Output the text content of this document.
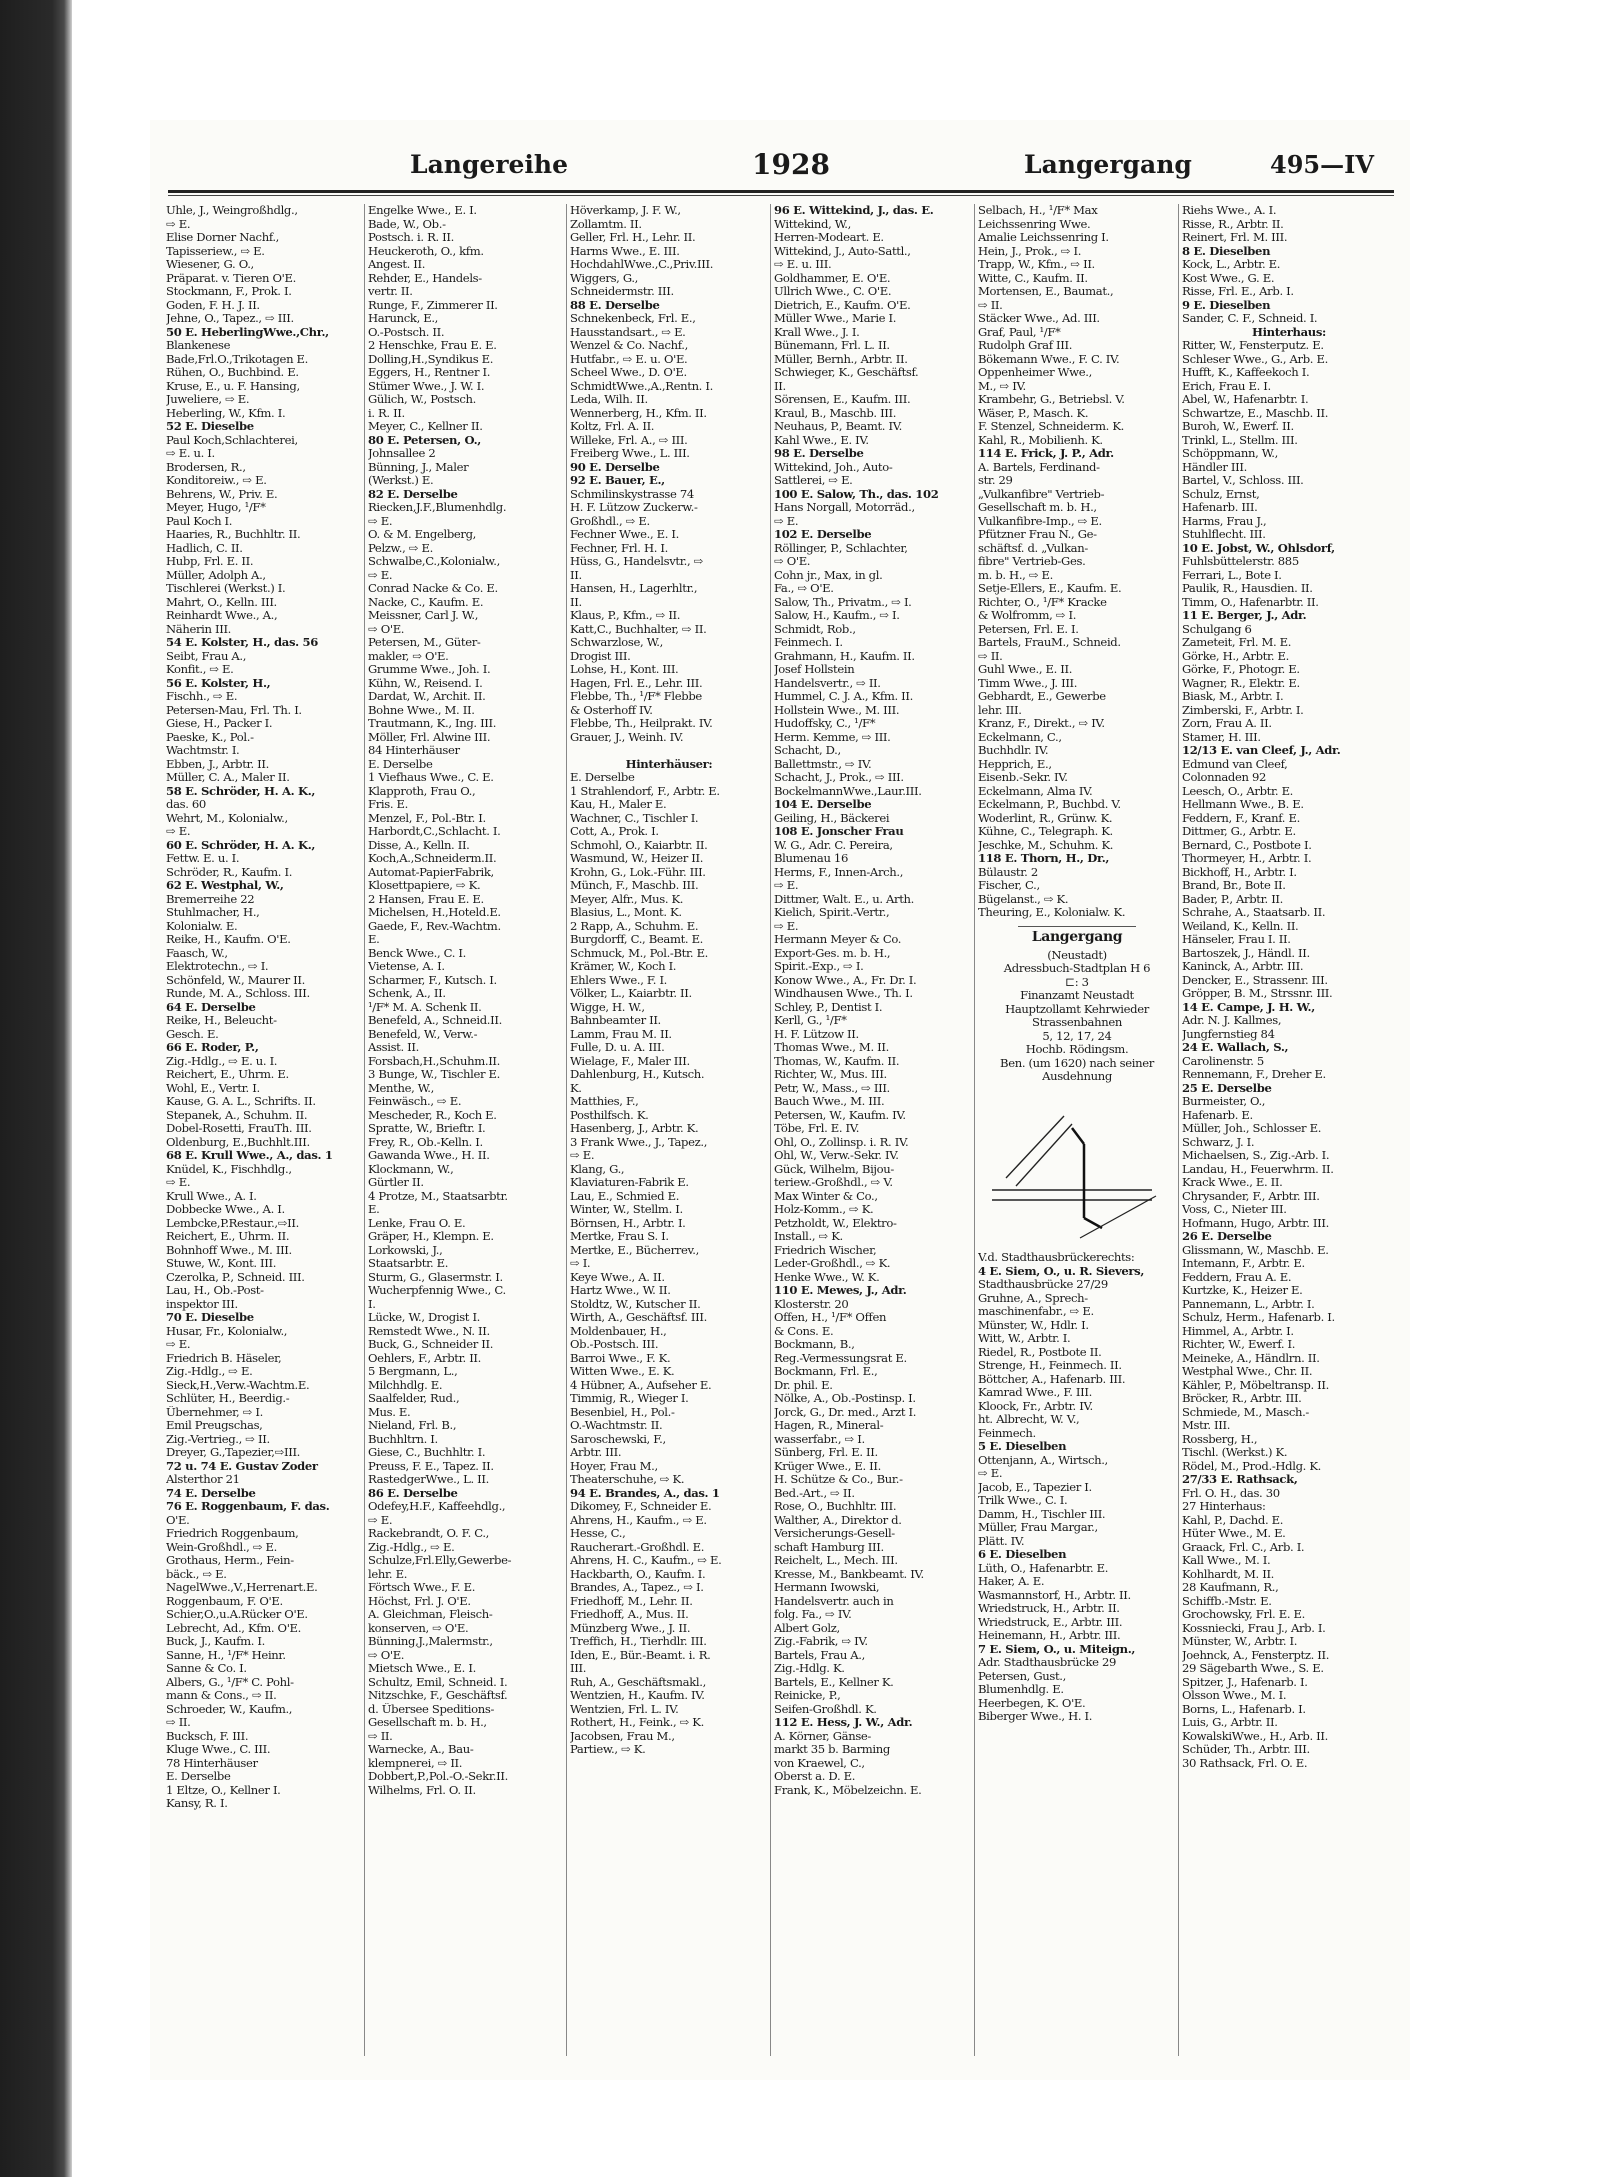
Langereihe	1928	Langergang	495—IV
Uhle, J., Weingroßhdlg.,
⇨ E.
Elise Dorner Nachf.,
Tapisseriew., ⇨ E.
Wiesener, G. O.,
Präparat. v. Tieren O'E.
Stockmann, F., Prok. I.
Goden, F. H. J. II.
Jehne, O., Tapez., ⇨ III.
50 E. HeberlingWwe.,Chr.,
Blankenese
Bade,Frl.O.,Trikotagen E.
Rühen, O., Buchbind. E.
Kruse, E., u. F. Hansing,
Juweliere, ⇨ E.
Heberling, W., Kfm. I.
52 E. Dieselbe
Paul Koch,Schlachterei,
⇨ E. u. I.
Brodersen, R.,
Konditoreiw., ⇨ E.
Behrens, W., Priv. E.
Meyer, Hugo, ¹/F*
Paul Koch I.
Haaries, R., Buchhltr. II.
Hadlich, C. II.
Hubp, Frl. E. II.
Müller, Adolph A.,
Tischlerei (Werkst.) I.
Mahrt, O., Kelln. III.
Reinhardt Wwe., A.,
Näherin III.
54 E. Kolster, H., das. 56
Seibt, Frau A.,
Konfit., ⇨ E.
56 E. Kolster, H.,
Fischh., ⇨ E.
Petersen-Mau, Frl. Th. I.
Giese, H., Packer I.
Paeske, K., Pol.-
Wachtmstr. I.
Ebben, J., Arbtr. II.
Müller, C. A., Maler II.
58 E. Schröder, H. A. K.,
das. 60
Wehrt, M., Kolonialw.,
⇨ E.
60 E. Schröder, H. A. K.,
Fettw. E. u. I.
Schröder, R., Kaufm. I.
62 E. Westphal, W.,
Bremerreihe 22
Stuhlmacher, H.,
Kolonialw. E.
Reike, H., Kaufm. O'E.
Faasch, W.,
Elektrotechn., ⇨ I.
Schönfeld, W., Maurer II.
Runde, M. A., Schloss. III.
64 E. Derselbe
Reike, H., Beleucht-
Gesch. E.
66 E. Roder, P.,
Zig.-Hdlg., ⇨ E. u. I.
Reichert, E., Uhrm. E.
Wohl, E., Vertr. I.
Kause, G. A. L., Schrifts. II.
Stepanek, A., Schuhm. II.
Dobel-Rosetti, FrauTh. III.
Oldenburg, E.,Buchhlt.III.
68 E. Krull Wwe., A., das. 1
Knüdel, K., Fischhdlg.,
⇨ E.
Krull Wwe., A. I.
Dobbecke Wwe., A. I.
Lembcke,P.Restaur.,⇨II.
Reichert, E., Uhrm. II.
Bohnhoff Wwe., M. III.
Stuwe, W., Kont. III.
Czerolka, P., Schneid. III.
Lau, H., Ob.-Post-
inspektor III.
70 E. Dieselbe
Husar, Fr., Kolonialw.,
⇨ E.
Friedrich B. Häseler,
Zig.-Hdlg., ⇨ E.
Sieck,H.,Verw.-Wachtm.E.
Schlüter, H., Beerdig.-
Übernehmer, ⇨ I.
Emil Preugschas,
Zig.-Vertrieg., ⇨ II.
Dreyer, G.,Tapezier,⇨III.
72 u. 74 E. Gustav Zoder
Alsterthor 21
74 E. Derselbe
76 E. Roggenbaum, F. das.
O'E.
Friedrich Roggenbaum,
Wein-Großhdl., ⇨ E.
Grothaus, Herm., Fein-
bäck., ⇨ E.
NagelWwe.,V.,Herrenart.E.
Roggenbaum, F. O'E.
Schier,O.,u.A.Rücker O'E.
Lebrecht, Ad., Kfm. O'E.
Buck, J., Kaufm. I.
Sanne, H., ¹/F* Heinr.
Sanne & Co. I.
Albers, G., ¹/F* C. Pohl-
mann & Cons., ⇨ II.
Schroeder, W., Kaufm.,
⇨ II.
Bucksch, F. III.
Kluge Wwe., C. III.
78 Hinterhäuser
E. Derselbe
1 Eltze, O., Kellner I.
Kansy, R. I.
Engelke Wwe., E. I.
Bade, W., Ob.-
Postsch. i. R. II.
Heuckeroth, O., kfm.
Angest. II.
Rehder, E., Handels-
vertr. II.
Runge, F., Zimmerer II.
Harunck, E.,
O.-Postsch. II.
2 Henschke, Frau E. E.
Dolling,H.,Syndikus E.
Eggers, H., Rentner I.
Stümer Wwe., J. W. I.
Gülich, W., Postsch.
i. R. II.
Meyer, C., Kellner II.
80 E. Petersen, O.,
Johnsallee 2
Bünning, J., Maler
(Werkst.) E.
82 E. Derselbe
Riecken,J.F.,Blumenhdlg.
⇨ E.
O. & M. Engelberg,
Pelzw., ⇨ E.
Schwalbe,C.,Kolonialw.,
⇨ E.
Conrad Nacke & Co. E.
Nacke, C., Kaufm. E.
Meissner, Carl J. W.,
⇨ O'E.
Petersen, M., Güter-
makler, ⇨ O'E.
Grumme Wwe., Joh. I.
Kühn, W., Reisend. I.
Dardat, W., Archit. II.
Bohne Wwe., M. II.
Trautmann, K., Ing. III.
Möller, Frl. Alwine III.
84 Hinterhäuser
E. Derselbe
1 Viefhaus Wwe., C. E.
Klapproth, Frau O.,
Fris. E.
Menzel, F., Pol.-Btr. I.
Harbordt,C.,Schlacht. I.
Disse, A., Kelln. II.
Koch,A.,Schneiderm.II.
Automat-PapierFabrik,
Klosettpapiere, ⇨ K.
2 Hansen, Frau E. E.
Michelsen, H.,Hoteld.E.
Gaede, F., Rev.-Wachtm.
E.
Benck Wwe., C. I.
Vietense, A. I.
Scharmer, F., Kutsch. I.
Schenk, A., II.
¹/F* M. A. Schenk II.
Benefeld, A., Schneid.II.
Benefeld, W., Verw.-
Assist. II.
Forsbach,H.,Schuhm.II.
3 Bunge, W., Tischler E.
Menthe, W.,
Feinwäsch., ⇨ E.
Mescheder, R., Koch E.
Spratte, W., Brieftr. I.
Frey, R., Ob.-Kelln. I.
Gawanda Wwe., H. II.
Klockmann, W.,
Gürtler II.
4 Protze, M., Staatsarbtr.
E.
Lenke, Frau O. E.
Gräper, H., Klempn. E.
Lorkowski, J.,
Staatsarbtr. E.
Sturm, G., Glasermstr. I.
Wucherpfennig Wwe., C.
I.
Lücke, W., Drogist I.
Remstedt Wwe., N. II.
Buck, G., Schneider II.
Oehlers, F., Arbtr. II.
5 Bergmann, L.,
Milchhdlg. E.
Saalfelder, Rud.,
Mus. E.
Nieland, Frl. B.,
Buchhltrn. I.
Giese, C., Buchhltr. I.
Preuss, F. E., Tapez. II.
RastedgerWwe., L. II.
86 E. Derselbe
Odefey,H.F., Kaffeehdlg.,
⇨ E.
Rackebrandt, O. F. C.,
Zig.-Hdlg., ⇨ E.
Schulze,Frl.Elly,Gewerbe-
lehr. E.
Förtsch Wwe., F. E.
Höchst, Frl. J. O'E.
A. Gleichman, Fleisch-
konserven, ⇨ O'E.
Bünning,J.,Malermstr.,
⇨ O'E.
Mietsch Wwe., E. I.
Schultz, Emil, Schneid. I.
Nitzschke, F., Geschäftsf.
d. Übersee Speditions-
Gesellschaft m. b. H.,
⇨ II.
Warnecke, A., Bau-
klempnerei, ⇨ II.
Dobbert,P.,Pol.-O.-Sekr.II.
Wilhelms, Frl. O. II.
Höverkamp, J. F. W.,
Zollamtm. II.
Geller, Frl. H., Lehr. II.
Harms Wwe., E. III.
HochdahlWwe.,C.,Priv.III.
Wiggers, G.,
Schneidermstr. III.
88 E. Derselbe
Schnekenbeck, Frl. E.,
Hausstandsart., ⇨ E.
Wenzel & Co. Nachf.,
Hutfabr., ⇨ E. u. O'E.
Scheel Wwe., D. O'E.
SchmidtWwe.,A.,Rentn. I.
Leda, Wilh. II.
Wennerberg, H., Kfm. II.
Koltz, Frl. A. II.
Willeke, Frl. A., ⇨ III.
Freiberg Wwe., L. III.
90 E. Derselbe
92 E. Bauer, E.,
Schmilinskystrasse 74
H. F. Lützow Zuckerw.-
Großhdl., ⇨ E.
Fechner Wwe., E. I.
Fechner, Frl. H. I.
Hüss, G., Handelsvtr., ⇨
II.
Hansen, H., Lagerhltr.,
II.
Klaus, P., Kfm., ⇨ II.
Katt,C., Buchhalter, ⇨ II.
Schwarzlose, W.,
Drogist III.
Lohse, H., Kont. III.
Hagen, Frl. E., Lehr. III.
Flebbe, Th., ¹/F* Flebbe
& Osterhoff IV.
Flebbe, Th., Heilprakt. IV.
Grauer, J., Weinh. IV.
Hinterhäuser:
E. Derselbe
1 Strahlendorf, F., Arbtr. E.
Kau, H., Maler E.
Wachner, C., Tischler I.
Cott, A., Prok. I.
Schmohl, O., Kaiarbtr. II.
Wasmund, W., Heizer II.
Krohn, G., Lok.-Führ. III.
Münch, F., Maschb. III.
Meyer, Alfr., Mus. K.
Blasius, L., Mont. K.
2 Rapp, A., Schuhm. E.
Burgdorff, C., Beamt. E.
Schmuck, M., Pol.-Btr. E.
Krämer, W., Koch I.
Ehlers Wwe., F. I.
Völker, L., Kaiarbtr. II.
Wigge, H. W.,
Bahnbeamter II.
Lamm, Frau M. II.
Fulle, D. u. A. III.
Wielage, F., Maler III.
Dahlenburg, H., Kutsch.
K.
Matthies, F.,
Posthilfsch. K.
Hasenberg, J., Arbtr. K.
3 Frank Wwe., J., Tapez.,
⇨ E.
Klang, G.,
Klaviaturen-Fabrik E.
Lau, E., Schmied E.
Winter, W., Stellm. I.
Börnsen, H., Arbtr. I.
Mertke, Frau S. I.
Mertke, E., Bücherrev.,
⇨ I.
Keye Wwe., A. II.
Hartz Wwe., W. II.
Stoldtz, W., Kutscher II.
Wirth, A., Geschäftsf. III.
Moldenbauer, H.,
Ob.-Postsch. III.
Barroi Wwe., F. K.
Witten Wwe., E. K.
4 Hübner, A., Aufseher E.
Timmig, R., Wieger I.
Besenbiel, H., Pol.-
O.-Wachtmstr. II.
Saroschewski, F.,
Arbtr. III.
Hoyer, Frau M.,
Theaterschuhe, ⇨ K.
94 E. Brandes, A., das. 1
Dikomey, F., Schneider E.
Ahrens, H., Kaufm., ⇨ E.
Hesse, C.,
Raucherart.-Großhdl. E.
Ahrens, H. C., Kaufm., ⇨ E.
Hackbarth, O., Kaufm. I.
Brandes, A., Tapez., ⇨ I.
Friedhoff, M., Lehr. II.
Friedhoff, A., Mus. II.
Münzberg Wwe., J. II.
Treffich, H., Tierhdlr. III.
Iden, E., Bür.-Beamt. i. R.
III.
Ruh, A., Geschäftsmakl.,
Wentzien, H., Kaufm. IV.
Wentzien, Frl. L. IV.
Rothert, H., Feink., ⇨ K.
Jacobsen, Frau M.,
Partiew., ⇨ K.
96 E. Wittekind, J., das. E.
Wittekind, W.,
Herren-Modeart. E.
Wittekind, J., Auto-Sattl.,
⇨ E. u. III.
Goldhammer, E. O'E.
Ullrich Wwe., C. O'E.
Dietrich, E., Kaufm. O'E.
Müller Wwe., Marie I.
Krall Wwe., J. I.
Bünemann, Frl. L. II.
Müller, Bernh., Arbtr. II.
Schwieger, K., Geschäftsf.
II.
Sörensen, E., Kaufm. III.
Kraul, B., Maschb. III.
Neuhaus, P., Beamt. IV.
Kahl Wwe., E. IV.
98 E. Derselbe
Wittekind, Joh., Auto-
Sattlerei, ⇨ E.
100 E. Salow, Th., das. 102
Hans Norgall, Motorräd.,
⇨ E.
102 E. Derselbe
Röllinger, P., Schlachter,
⇨ O'E.
Cohn jr., Max, in gl.
Fa., ⇨ O'E.
Salow, Th., Privatm., ⇨ I.
Salow, H., Kaufm., ⇨ I.
Schmidt, Rob.,
Feinmech. I.
Grahmann, H., Kaufm. II.
Josef Hollstein
Handelsvertr., ⇨ II.
Hummel, C. J. A., Kfm. II.
Hollstein Wwe., M. III.
Hudoffsky, C., ¹/F*
Herm. Kemme, ⇨ III.
Schacht, D.,
Ballettmstr., ⇨ IV.
Schacht, J., Prok., ⇨ III.
BockelmannWwe.,Laur.III.
104 E. Derselbe
Geiling, H., Bäckerei
108 E. Jonscher Frau
W. G., Adr. C. Pereira,
Blumenau 16
Herms, F., Innen-Arch.,
⇨ E.
Dittmer, Walt. E., u. Arth.
Kielich, Spirit.-Vertr.,
⇨ E.
Hermann Meyer & Co.
Export-Ges. m. b. H.,
Spirit.-Exp., ⇨ I.
Konow Wwe., A., Fr. Dr. I.
Windhausen Wwe., Th. I.
Schley, P., Dentist I.
Kerll, G., ¹/F*
H. F. Lützow II.
Thomas Wwe., M. II.
Thomas, W., Kaufm. II.
Richter, W., Mus. III.
Petr, W., Mass., ⇨ III.
Bauch Wwe., M. III.
Petersen, W., Kaufm. IV.
Töbe, Frl. E. IV.
Ohl, O., Zollinsp. i. R. IV.
Ohl, W., Verw.-Sekr. IV.
Gück, Wilhelm, Bijou-
teriew.-Großhdl., ⇨ V.
Max Winter & Co.,
Holz-Komm., ⇨ K.
Petzholdt, W., Elektro-
Install., ⇨ K.
Friedrich Wischer,
Leder-Großhdl., ⇨ K.
Henke Wwe., W. K.
110 E. Mewes, J., Adr.
Klosterstr. 20
Offen, H., ¹/F* Offen
& Cons. E.
Bockmann, B.,
Reg.-Vermessungsrat E.
Bockmann, Frl. E.,
Dr. phil. E.
Nölke, A., Ob.-Postinsp. I.
Jorck, G., Dr. med., Arzt I.
Hagen, R., Mineral-
wasserfabr., ⇨ I.
Sünberg, Frl. E. II.
Krüger Wwe., E. II.
H. Schütze & Co., Bur.-
Bed.-Art., ⇨ II.
Rose, O., Buchhltr. III.
Walther, A., Direktor d.
Versicherungs-Gesell-
schaft Hamburg III.
Reichelt, L., Mech. III.
Kresse, M., Bankbeamt. IV.
Hermann Iwowski,
Handelsvertr. auch in
folg. Fa., ⇨ IV.
Albert Golz,
Zig.-Fabrik, ⇨ IV.
Bartels, Frau A.,
Zig.-Hdlg. K.
Bartels, E., Kellner K.
Reinicke, P.,
Seifen-Großhdl. K.
112 E. Hess, J. W., Adr.
A. Körner, Gänse-
markt 35 b. Barming
von Kraewel, C.,
Oberst a. D. E.
Frank, K., Möbelzeichn. E.
Selbach, H., ¹/F* Max
Leichssenring Wwe.
Amalie Leichssenring I.
Hein, J., Prok., ⇨ I.
Trapp, W., Kfm., ⇨ II.
Witte, C., Kaufm. II.
Mortensen, E., Baumat.,
⇨ II.
Stäcker Wwe., Ad. III.
Graf, Paul, ¹/F*
Rudolph Graf III.
Bökemann Wwe., F. C. IV.
Oppenheimer Wwe.,
M., ⇨ IV.
Krambehr, G., Betriebsl. V.
Wäser, P., Masch. K.
F. Stenzel, Schneiderm. K.
Kahl, R., Mobilienh. K.
114 E. Frick, J. P., Adr.
A. Bartels, Ferdinand-
str. 29
„Vulkanfibre" Vertrieb-
Gesellschaft m. b. H.,
Vulkanfibre-Imp., ⇨ E.
Pfützner Frau N., Ge-
schäftsf. d. „Vulkan-
fibre" Vertrieb-Ges.
m. b. H., ⇨ E.
Setje-Ellers, E., Kaufm. E.
Richter, O., ¹/F* Kracke
& Wolfromm, ⇨ I.
Petersen, Frl. E. I.
Bartels, FrauM., Schneid.
⇨ II.
Guhl Wwe., E. II.
Timm Wwe., J. III.
Gebhardt, E., Gewerbe
lehr. III.
Kranz, F., Direkt., ⇨ IV.
Eckelmann, C.,
Buchhdlr. IV.
Hepprich, E.,
Eisenb.-Sekr. IV.
Eckelmann, Alma IV.
Eckelmann, P., Buchbd. V.
Woderlint, R., Grünw. K.
Kühne, C., Telegraph. K.
Jeschke, M., Schuhm. K.
118 E. Thorn, H., Dr.,
Bülaustr. 2
Fischer, C.,
Bügelanst., ⇨ K.
Theuring, E., Kolonialw. K.
Langergang
(Neustadt)
Adressbuch-Stadtplan H 6
⊏: 3
Finanzamt Neustadt
Hauptzollamt Kehrwieder
Strassenbahnen
5, 12, 17, 24
Hochb. Rödingsm.
Ben. (um 1620) nach seiner
Ausdehnung
V.d. Stadthausbrückerechts:
4 E. Siem, O., u. R. Sievers,
Stadthausbrücke 27/29
Gruhne, A., Sprech-
maschinenfabr., ⇨ E.
Münster, W., Hdlr. I.
Witt, W., Arbtr. I.
Riedel, R., Postbote II.
Strenge, H., Feinmech. II.
Böttcher, A., Hafenarb. III.
Kamrad Wwe., F. III.
Kloock, Fr., Arbtr. IV.
ht. Albrecht, W. V.,
Feinmech.
5 E. Dieselben
Ottenjann, A., Wirtsch.,
⇨ E.
Jacob, E., Tapezier I.
Trilk Wwe., C. I.
Damm, H., Tischler III.
Müller, Frau Margar.,
Plätt. IV.
6 E. Dieselben
Lüth, O., Hafenarbtr. E.
Haker, A. E.
Wasmannstorf, H., Arbtr. II.
Wriedstruck, H., Arbtr. II.
Wriedstruck, E., Arbtr. III.
Heinemann, H., Arbtr. III.
7 E. Siem, O., u. Miteign.,
Adr. Stadthausbrücke 29
Petersen, Gust.,
Blumenhdlg. E.
Heerbegen, K. O'E.
Biberger Wwe., H. I.
Riehs Wwe., A. I.
Risse, R., Arbtr. II.
Reinert, Frl. M. III.
8 E. Dieselben
Kock, L., Arbtr. E.
Kost Wwe., G. E.
Risse, Frl. E., Arb. I.
9 E. Dieselben
Sander, C. F., Schneid. I.
Hinterhaus:
Ritter, W., Fensterputz. E.
Schleser Wwe., G., Arb. E.
Hufft, K., Kaffeekoch I.
Erich, Frau E. I.
Abel, W., Hafenarbtr. I.
Schwartze, E., Maschb. II.
Buroh, W., Ewerf. II.
Trinkl, L., Stellm. III.
Schöppmann, W.,
Händler III.
Bartel, V., Schloss. III.
Schulz, Ernst,
Hafenarb. III.
Harms, Frau J.,
Stuhlflecht. III.
10 E. Jobst, W., Ohlsdorf,
Fuhlsbüttelerstr. 885
Ferrari, L., Bote I.
Paulik, R., Hausdien. II.
Timm, O., Hafenarbtr. II.
11 E. Berger, J., Adr.
Schulgang 6
Zameteit, Frl. M. E.
Görke, H., Arbtr. E.
Görke, F., Photogr. E.
Wagner, R., Elektr. E.
Biask, M., Arbtr. I.
Zimberski, F., Arbtr. I.
Zorn, Frau A. II.
Stamer, H. III.
12/13 E. van Cleef, J., Adr.
Edmund van Cleef,
Colonnaden 92
Leesch, O., Arbtr. E.
Hellmann Wwe., B. E.
Feddern, F., Kranf. E.
Dittmer, G., Arbtr. E.
Bernard, C., Postbote I.
Thormeyer, H., Arbtr. I.
Bickhoff, H., Arbtr. I.
Brand, Br., Bote II.
Bader, P., Arbtr. II.
Schrahe, A., Staatsarb. II.
Weiland, K., Kelln. II.
Hänseler, Frau I. II.
Bartoszek, J., Händl. II.
Kaninck, A., Arbtr. III.
Dencker, E., Strassenr. III.
Gröpper, B. M., Strssnr. III.
14 E. Campe, J. H. W.,
Adr. N. J. Kallmes,
Jungfernstieg 84
24 E. Wallach, S.,
Carolinenstr. 5
Rennemann, F., Dreher E.
25 E. Derselbe
Burmeister, O.,
Hafenarb. E.
Müller, Joh., Schlosser E.
Schwarz, J. I.
Michaelsen, S., Zig.-Arb. I.
Landau, H., Feuerwhrm. II.
Krack Wwe., E. II.
Chrysander, F., Arbtr. III.
Voss, C., Nieter III.
Hofmann, Hugo, Arbtr. III.
26 E. Derselbe
Glissmann, W., Maschb. E.
Intemann, F., Arbtr. E.
Feddern, Frau A. E.
Kurtzke, K., Heizer E.
Pannemann, L., Arbtr. I.
Schulz, Herm., Hafenarb. I.
Himmel, A., Arbtr. I.
Richter, W., Ewerf. I.
Meineke, A., Händlrn. II.
Westphal Wwe., Chr. II.
Kähler, P., Möbeltransp. II.
Bröcker, R., Arbtr. III.
Schmiede, M., Masch.-
Mstr. III.
Rossberg, H.,
Tischl. (Werkst.) K.
Rödel, M., Prod.-Hdlg. K.
27/33 E. Rathsack,
Frl. O. H., das. 30
27 Hinterhaus:
Kahl, P., Dachd. E.
Hüter Wwe., M. E.
Graack, Frl. C., Arb. I.
Kall Wwe., M. I.
Kohlhardt, M. II.
28 Kaufmann, R.,
Schiffb.-Mstr. E.
Grochowsky, Frl. E. E.
Kossniecki, Frau J., Arb. I.
Münster, W., Arbtr. I.
Joehnck, A., Fensterptz. II.
29 Sägebarth Wwe., S. E.
Spitzer, J., Hafenarb. I.
Olsson Wwe., M. I.
Borns, L., Hafenarb. I.
Luis, G., Arbtr. II.
KowalskiWwe., H., Arb. II.
Schüder, Th., Arbtr. III.
30 Rathsack, Frl. O. E.
